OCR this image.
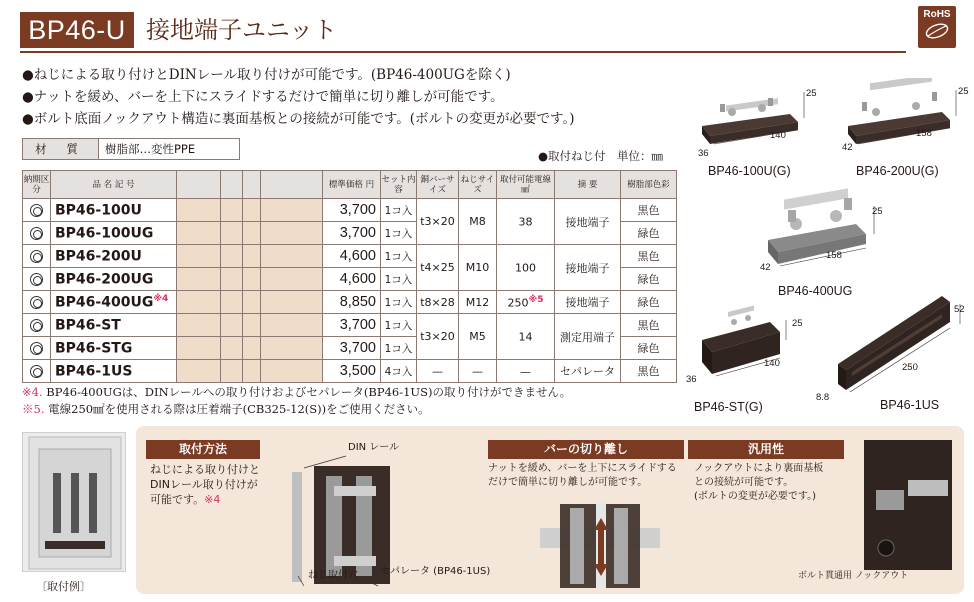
BP46-U 接地端子ユニット
RoHS
●ねじによる取り付けとDINレール取り付けが可能です。(BP46-400UGを除く)
●ナットを緩め、バーを上下にスライドするだけで簡単に切り離しが可能です。
●ボルト底面ノックアウト構造に裏面基板との接続が可能です。(ボルトの変更が必要です。)
材 質	樹脂部…変性PPE	●取付ねじ付　単位：㎜
納期区分	品 名 記 号					標準価格 円	セット内容	銅バーサイズ	ねじサイズ	取付可能電線㎟	摘 要	樹脂部色彩
	BP46-100U					3,700	1コ入	t3×20	M8	38	接地端子	黒色
	BP46-100UG					3,700	1コ入					緑色
	BP46-200U					4,600	1コ入	t4×25	M10	100	接地端子	黒色
	BP46-200UG					4,600	1コ入					緑色
	BP46-400UG$^{※4}$					8,850	1コ入	t8×28	M12	250$^{※5}$	接地端子	緑色
	BP46-ST					3,700	1コ入	t3×20	M5	14	測定用端子	黒色
	BP46-STG					3,700	1コ入					緑色
	BP46-1US					3,500	4コ入	—	—	—	セパレータ	黒色
※4. BP46-400UGは、DINレールへの取り付けおよびセパレータ(BP46-1US)の取り付けができません。
※5. 電線250㎟を使用される際は圧着端子(CB325-12(S))をご使用ください。
25
140
36
BP46-100U(G)
25
158
42
BP46-200U(G)
25
158
42
BP46-400UG
25
140
36
BP46-ST(G)
52
250
8.8
BP46-1US
〔取付例〕
取付方法
ねじによる取り付けと
DINレール取り付けが
可能です。※4
DIN レール
ねじ取付穴 セパレータ (BP46-1US)
バーの切り離し
ナットを緩め、バーを上下にスライドする
だけで簡単に切り離しが可能です。
汎用性
ノックアウトにより裏面基板
との接続が可能です。
(ボルトの変更が必要です。)
ボルト貫通用 ノックアウト
